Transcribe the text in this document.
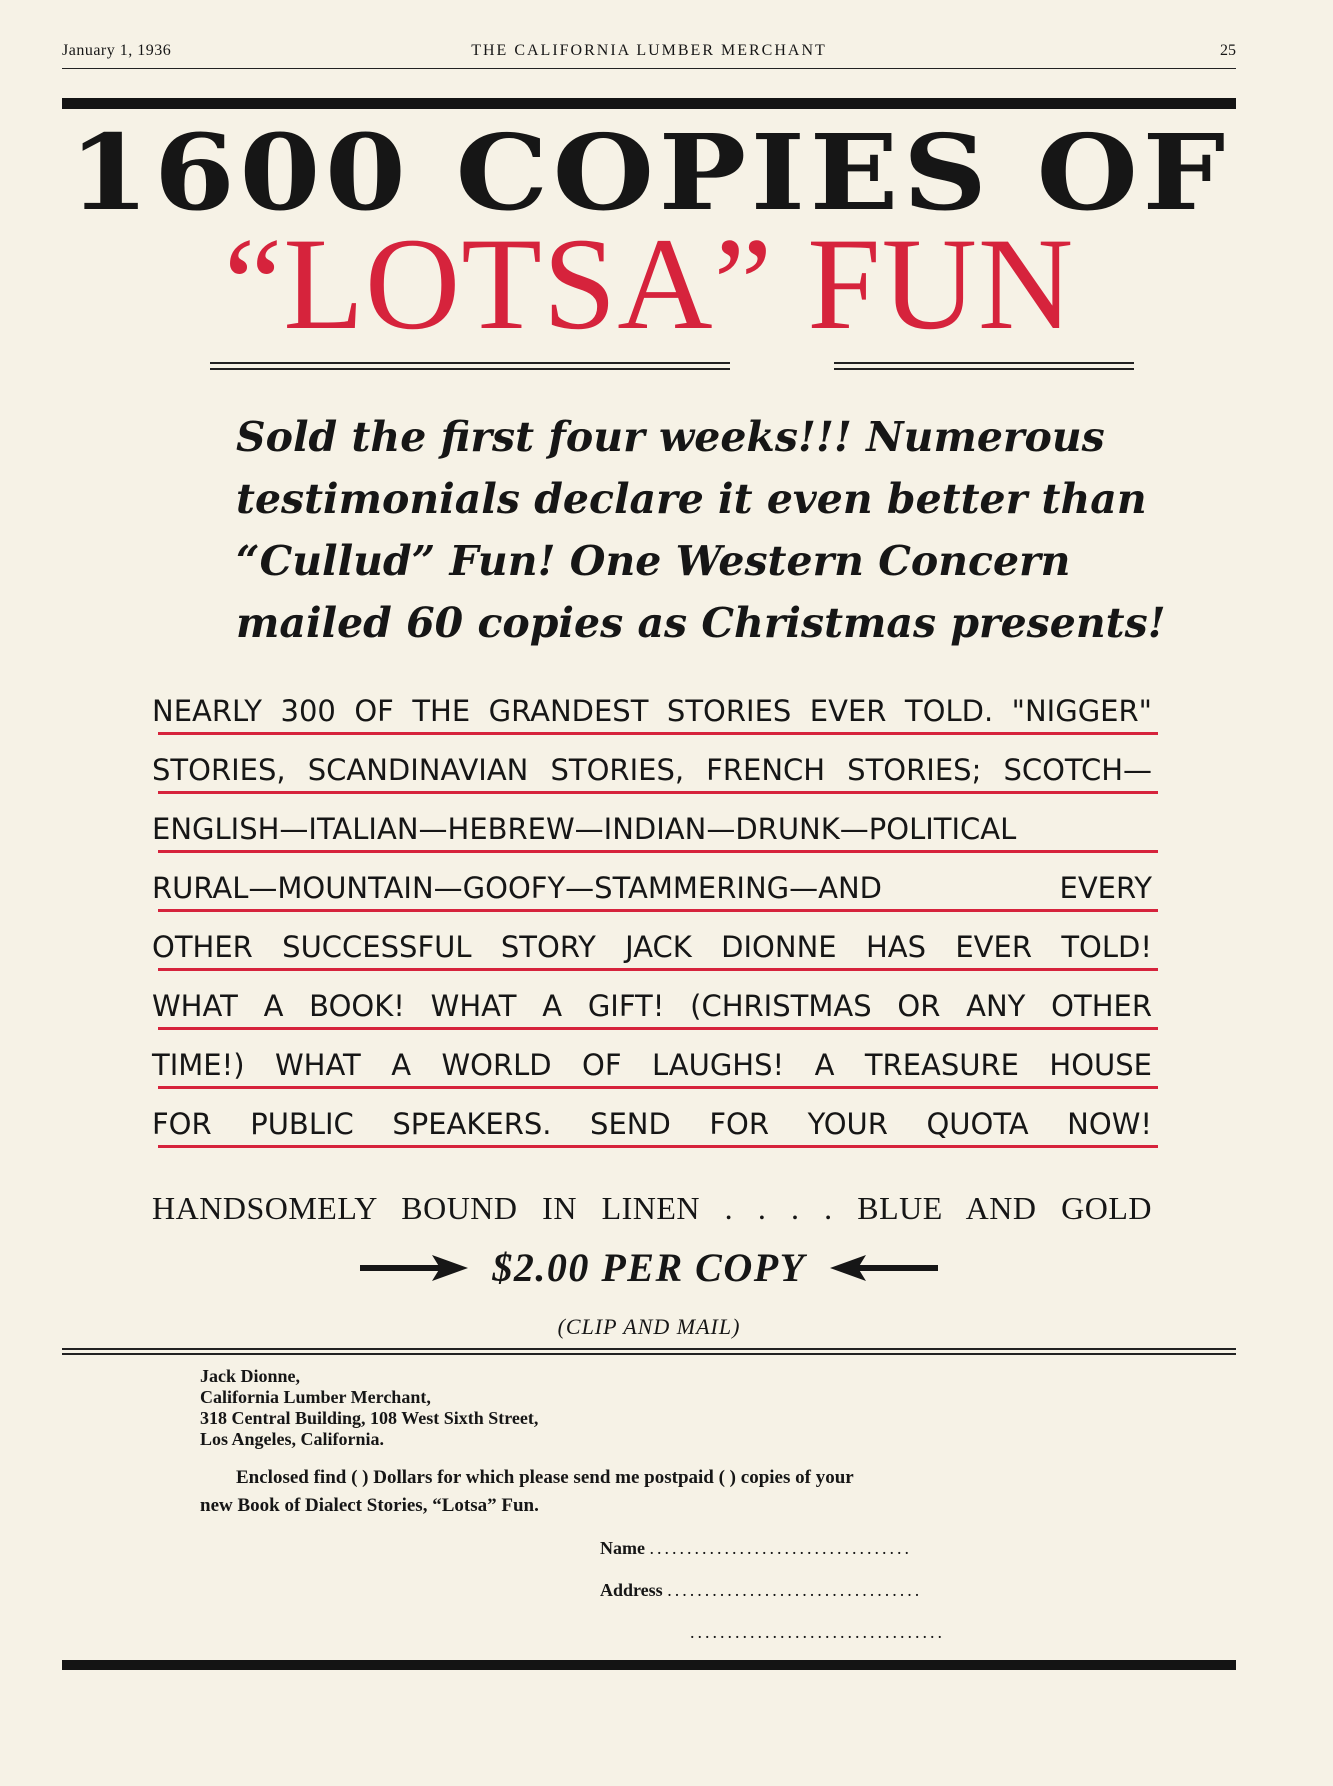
January 1, 1936	THE CALIFORNIA LUMBER MERCHANT	25
1600 COPIES OF
“LOTSA” FUN
Sold the first four weeks!!! Numerous
testimonials declare it even better than
“Cullud” Fun! One Western Concern
mailed 60 copies as Christmas presents!
NEARLY 300 OF THE GRANDEST STORIES EVER TOLD. "NIGGER"
STORIES, SCANDINAVIAN STORIES, FRENCH STORIES; SCOTCH—
ENGLISH—ITALIAN—HEBREW—INDIAN—DRUNK—POLITICAL
RURAL—MOUNTAIN—GOOFY—STAMMERING—AND EVERY
OTHER SUCCESSFUL STORY JACK DIONNE HAS EVER TOLD!
WHAT A BOOK! WHAT A GIFT! (CHRISTMAS OR ANY OTHER
TIME!) WHAT A WORLD OF LAUGHS! A TREASURE HOUSE
FOR PUBLIC SPEAKERS. SEND FOR YOUR QUOTA NOW!
HANDSOMELY BOUND IN LINEN . . . . BLUE AND GOLD
$2.00 PER COPY
(CLIP AND MAIL)
Jack Dionne,
California Lumber Merchant,
318 Central Building, 108 West Sixth Street,
Los Angeles, California.
Enclosed find ( ) Dollars for which please send me postpaid ( ) copies of your
new Book of Dialect Stories, “Lotsa” Fun.
Name ...................................
Address ..................................
..................................
